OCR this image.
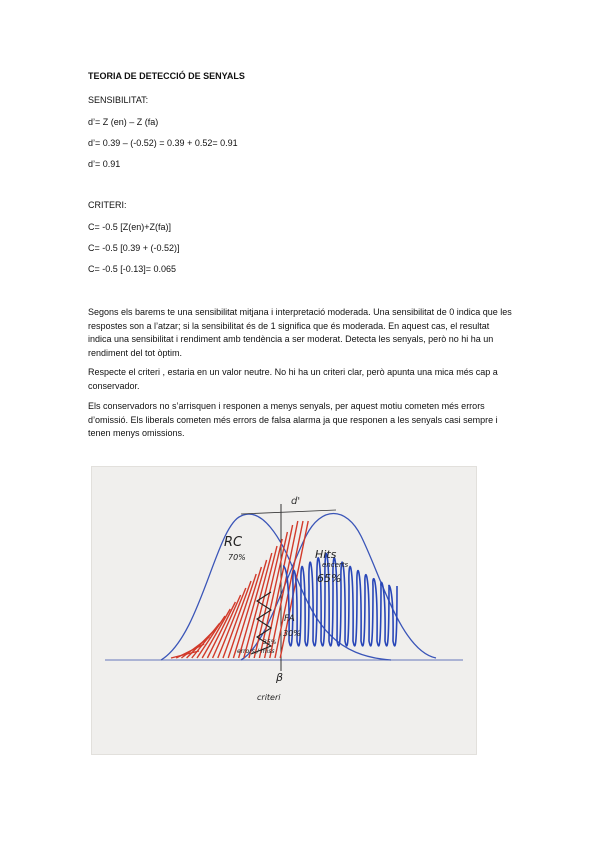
TEORIA DE DETECCIÓ DE SENYALS
SENSIBILITAT:
d’= Z (en) – Z (fa)
d’= 0.39 – (-0.52) = 0.39 + 0.52= 0.91
d’= 0.91
CRITERI:
C= -0.5 [Z(en)+Z(fa)]
C= -0.5 [0.39 + (-0.52)]
C= -0.5 [-0.13]= 0.065
Segons els barems te una sensibilitat mitjana i interpretació moderada. Una sensibilitat de 0 indica que les respostes son a l’atzar; si la sensibilitat és de 1 significa que és moderada. En aquest cas, el resultat indica una sensibilitat i rendiment amb tendència a ser moderat. Detecta les senyals, però no hi ha un rendiment del tot òptim.
Respecte el criteri , estaria en un valor neutre. No hi ha un criteri clar, però apunta una mica més cap a conservador.
Els conservadors no s’arrisquen i responen a menys senyals, per aquest motiu cometen més errors d’omissió. Els liberals cometen més errors de falsa alarma ja que responen a les senyals casi sempre i tenen menys omissions.
d'
RC
70%	Hits
encerts
65%
FA
30%
35%
errors / miss
β
criteri
